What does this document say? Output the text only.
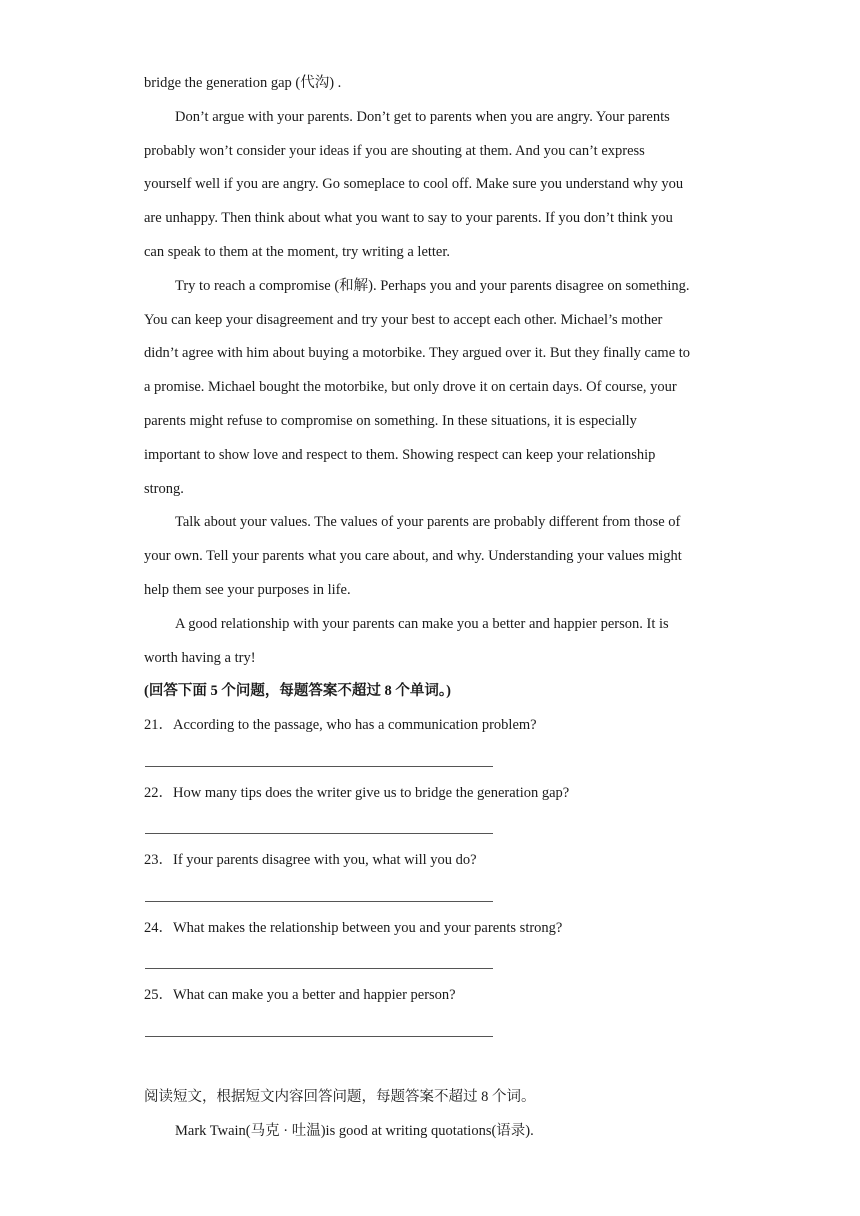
bridge the generation gap (代沟) .
Don’t argue with your parents. Don’t get to parents when you are angry. Your parents
probably won’t consider your ideas if you are shouting at them. And you can’t express
yourself well if you are angry. Go someplace to cool off. Make sure you understand why you
are unhappy. Then think about what you want to say to your parents. If you don’t think you
can speak to them at the moment, try writing a letter.
Try to reach a compromise (和解). Perhaps you and your parents disagree on something.
You can keep your disagreement and try your best to accept each other. Michael’s mother
didn’t agree with him about buying a motorbike. They argued over it. But they finally came to
a promise. Michael bought the motorbike, but only drove it on certain days. Of course, your
parents might refuse to compromise on something. In these situations, it is especially
important to show love and respect to them. Showing respect can keep your relationship
strong.
Talk about your values. The values of your parents are probably different from those of
your own. Tell your parents what you care about, and why. Understanding your values might
help them see your purposes in life.
A good relationship with your parents can make you a better and happier person. It is
worth having a try!
(回答下面 5 个问题，每题答案不超过 8 个单词。)
21．According to the passage, who has a communication problem?
22．How many tips does the writer give us to bridge the generation gap?
23．If your parents disagree with you, what will you do?
24．What makes the relationship between you and your parents strong?
25．What can make you a better and happier person?
阅读短文，根据短文内容回答问题，每题答案不超过 8 个词。
Mark Twain(马克 · 吐温)is good at writing quotations(语录).
